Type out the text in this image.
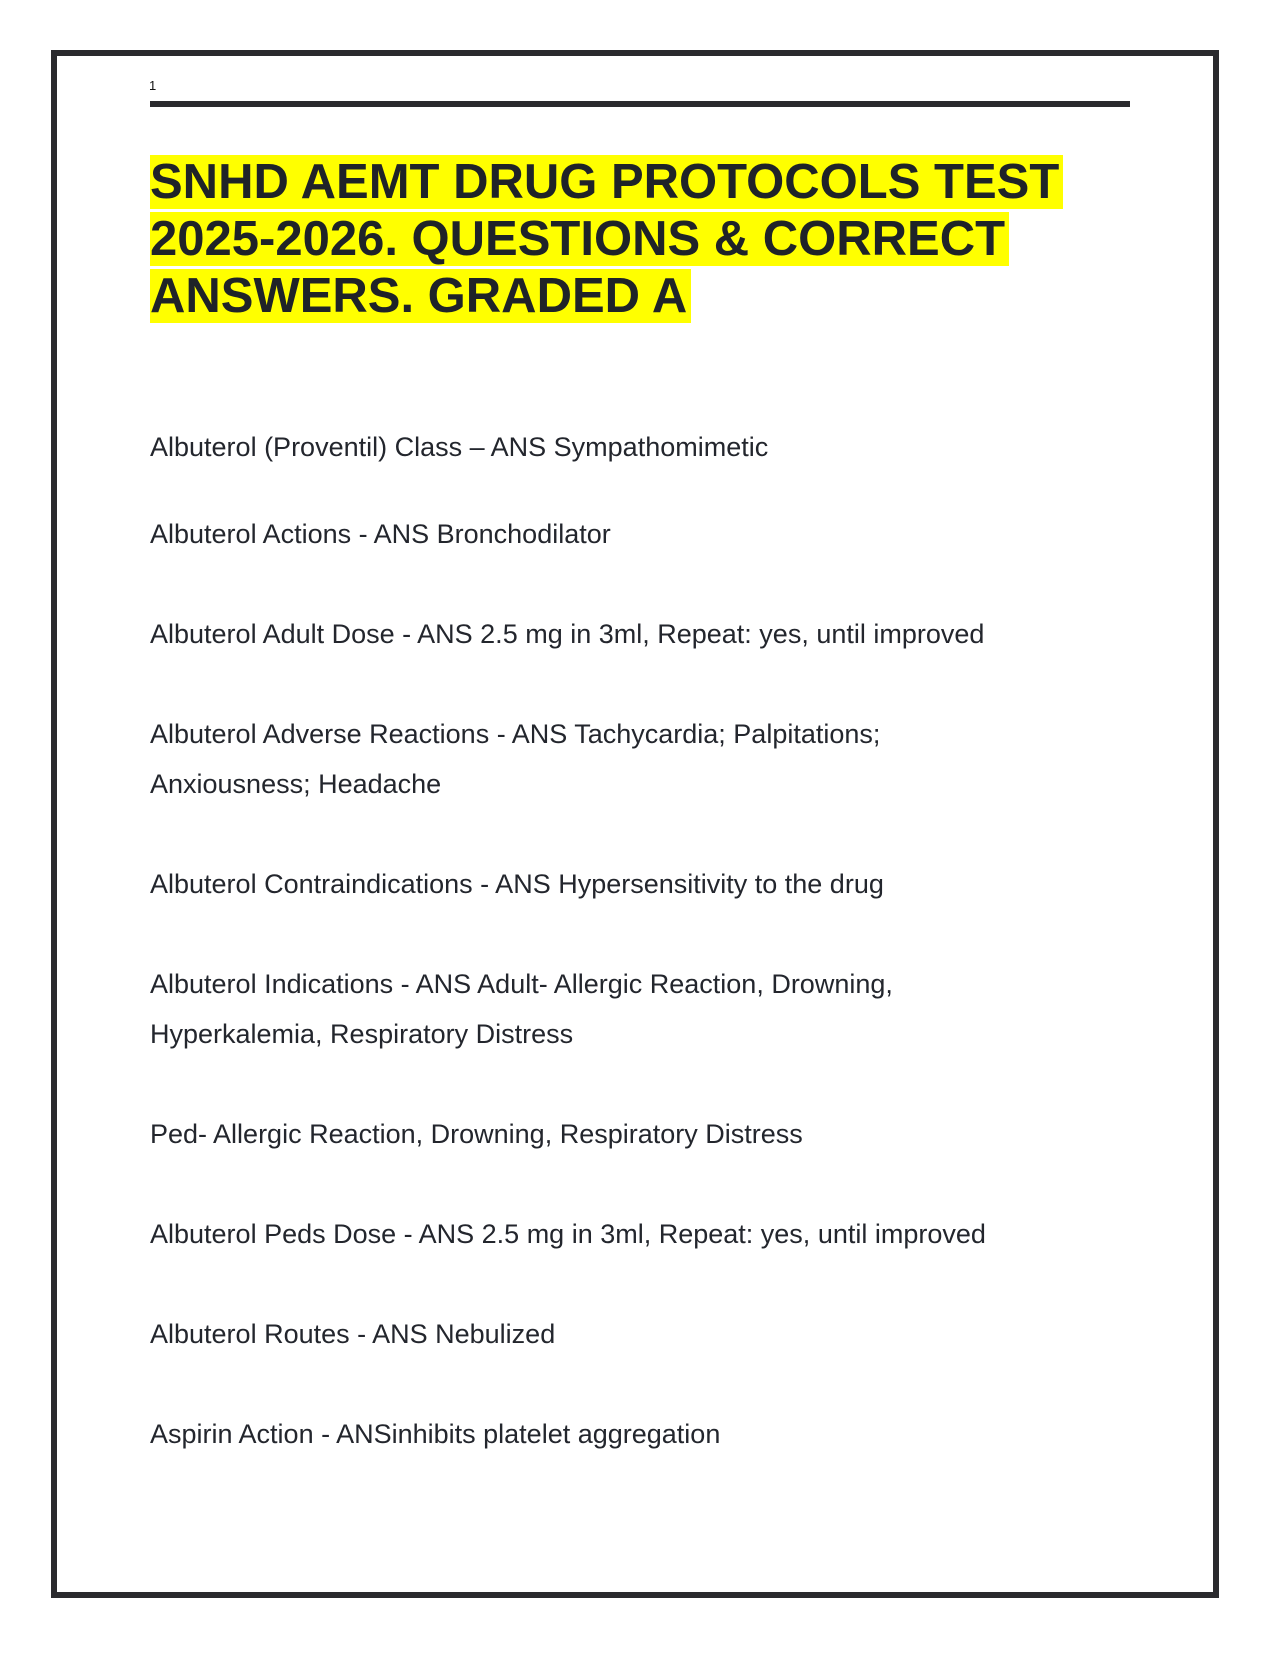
1
SNHD AEMT DRUG PROTOCOLS TEST
2025-2026. QUESTIONS & CORRECT
ANSWERS. GRADED A

Albuterol (Proventil) Class – ANS Sympathomimetic

Albuterol Actions - ANS Bronchodilator

Albuterol Adult Dose - ANS 2.5 mg in 3ml, Repeat: yes, until improved

Albuterol Adverse Reactions - ANS Tachycardia; Palpitations;
Anxiousness; Headache

Albuterol Contraindications - ANS Hypersensitivity to the drug

Albuterol Indications - ANS Adult- Allergic Reaction, Drowning,
Hyperkalemia, Respiratory Distress

Ped- Allergic Reaction, Drowning, Respiratory Distress

Albuterol Peds Dose - ANS 2.5 mg in 3ml, Repeat: yes, until improved

Albuterol Routes - ANS Nebulized

Aspirin Action - ANSinhibits platelet aggregation
